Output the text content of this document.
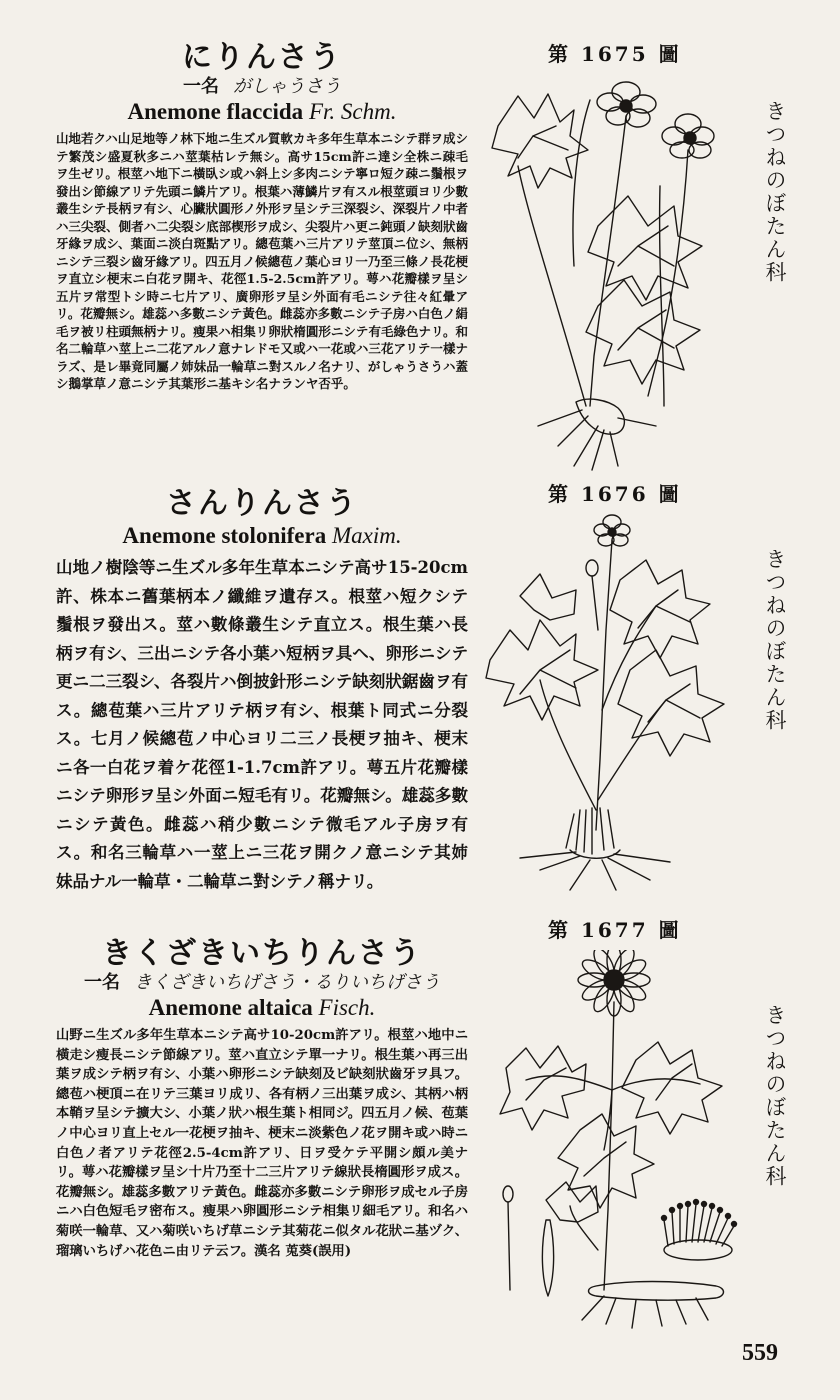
にりんさう

一名 がしゃうさう

Anemone flaccida Fr. Schm.

山地若クハ山足地等ノ林下地ニ生ズル質軟カキ多年生草本ニシテ群ヲ成シテ繁茂シ盛夏秋多ニハ莖葉枯レテ無シ。高サ15cm許ニ達シ全株ニ疎毛ヲ生ゼリ。根莖ハ地下ニ橫臥シ或ハ斜上シ多肉ニシテ寧ロ短ク疎ニ鬚根ヲ發出シ節線アリテ先頭ニ鱗片アリ。根葉ハ薄鱗片ヲ有スル根莖頭ヨリ少數叢生シテ長柄ヲ有シ、心臟狀圓形ノ外形ヲ呈シテ三深裂シ、深裂片ノ中者ハ三尖裂、側者ハ二尖裂シ底部楔形ヲ成シ、尖裂片ハ更ニ鈍頭ノ缺刻狀齒牙緣ヲ成シ、葉面ニ淡白斑點アリ。總苞葉ハ三片アリテ莖頂ニ位シ、無柄ニシテ三裂シ齒牙緣アリ。四五月ノ候總苞ノ葉心ヨリ一乃至三條ノ長花梗ヲ直立シ梗末ニ白花ヲ開キ、花徑1.5-2.5cm許アリ。萼ハ花瓣樣ヲ呈シ五片ヲ常型トシ時ニ七片アリ、廣卵形ヲ呈シ外面有毛ニシテ往々紅暈アリ。花瓣無シ。雄蕊ハ多數ニシテ黃色。雌蕊亦多數ニシテ子房ハ白色ノ絹毛ヲ被リ柱頭無柄ナリ。瘦果ハ相集リ卵狀楕圓形ニシテ有毛綠色ナリ。和名二輪草ハ莖上ニ二花アルノ意ナレドモ又或ハ一花或ハ三花アリテ一樣ナラズ、是レ畢竟同屬ノ姉妹品一輪草ニ對スルノ名ナリ、がしゃうさうハ蓋シ鵝掌草ノ意ニシテ其葉形ニ基キシ名ナランヤ否乎。

さんりんさう

Anemone stolonifera Maxim.

山地ノ樹陰等ニ生ズル多年生草本ニシテ高サ15-20cm許、株本ニ舊葉柄本ノ纖維ヲ遺存ス。根莖ハ短クシテ鬚根ヲ發出ス。莖ハ數條叢生シテ直立ス。根生葉ハ長柄ヲ有シ、三出ニシテ各小葉ハ短柄ヲ具ヘ、卵形ニシテ更ニ二三裂シ、各裂片ハ倒披針形ニシテ缺刻狀鋸齒ヲ有ス。總苞葉ハ三片アリテ柄ヲ有シ、根葉ト同式ニ分裂ス。七月ノ候總苞ノ中心ヨリ二三ノ長梗ヲ抽キ、梗末ニ各一白花ヲ着ケ花徑1-1.7cm許アリ。萼五片花瓣樣ニシテ卵形ヲ呈シ外面ニ短毛有リ。花瓣無シ。雄蕊多數ニシテ黃色。雌蕊ハ稍少數ニシテ微毛アル子房ヲ有ス。和名三輪草ハ一莖上ニ三花ヲ開クノ意ニシテ其姉妹品ナル一輪草・二輪草ニ對シテノ稱ナリ。

きくざきいちりんさう

一名 きくざきいちげさう・るりいちげさう

Anemone altaica Fisch.

山野ニ生ズル多年生草本ニシテ高サ10-20cm許アリ。根莖ハ地中ニ橫走シ瘦長ニシテ節線アリ。莖ハ直立シテ單一ナリ。根生葉ハ再三出葉ヲ成シテ柄ヲ有シ、小葉ハ卵形ニシテ缺刻及ビ缺刻狀齒牙ヲ具フ。總苞ハ梗頂ニ在リテ三葉ヨリ成リ、各有柄ノ三出葉ヲ成シ、其柄ハ柄本鞘ヲ呈シテ擴大シ、小葉ノ狀ハ根生葉ト相同ジ。四五月ノ候、苞葉ノ中心ヨリ直上セル一花梗ヲ抽キ、梗末ニ淡紫色ノ花ヲ開キ或ハ時ニ白色ノ者アリテ花徑2.5-4cm許アリ、日ヲ受ケテ平開シ頗ル美ナリ。萼ハ花瓣樣ヲ呈シ十片乃至十二三片アリテ線狀長楕圓形ヲ成ス。花瓣無シ。雄蕊多數アリテ黃色。雌蕊亦多數ニシテ卵形ヲ成セル子房ニハ白色短毛ヲ密布ス。瘦果ハ卵圓形ニシテ相集リ細毛アリ。和名ハ菊咲一輪草、又ハ菊咲いちげ草ニシテ其菊花ニ似タル花狀ニ基ヅク、瑠璃いちげハ花色ニ由リテ云フ。漢名 莵葵(誤用)

第 1675 圖
第 1676 圖
第 1677 圖
きつねのぼたん科
きつねのぼたん科
きつねのぼたん科
559
